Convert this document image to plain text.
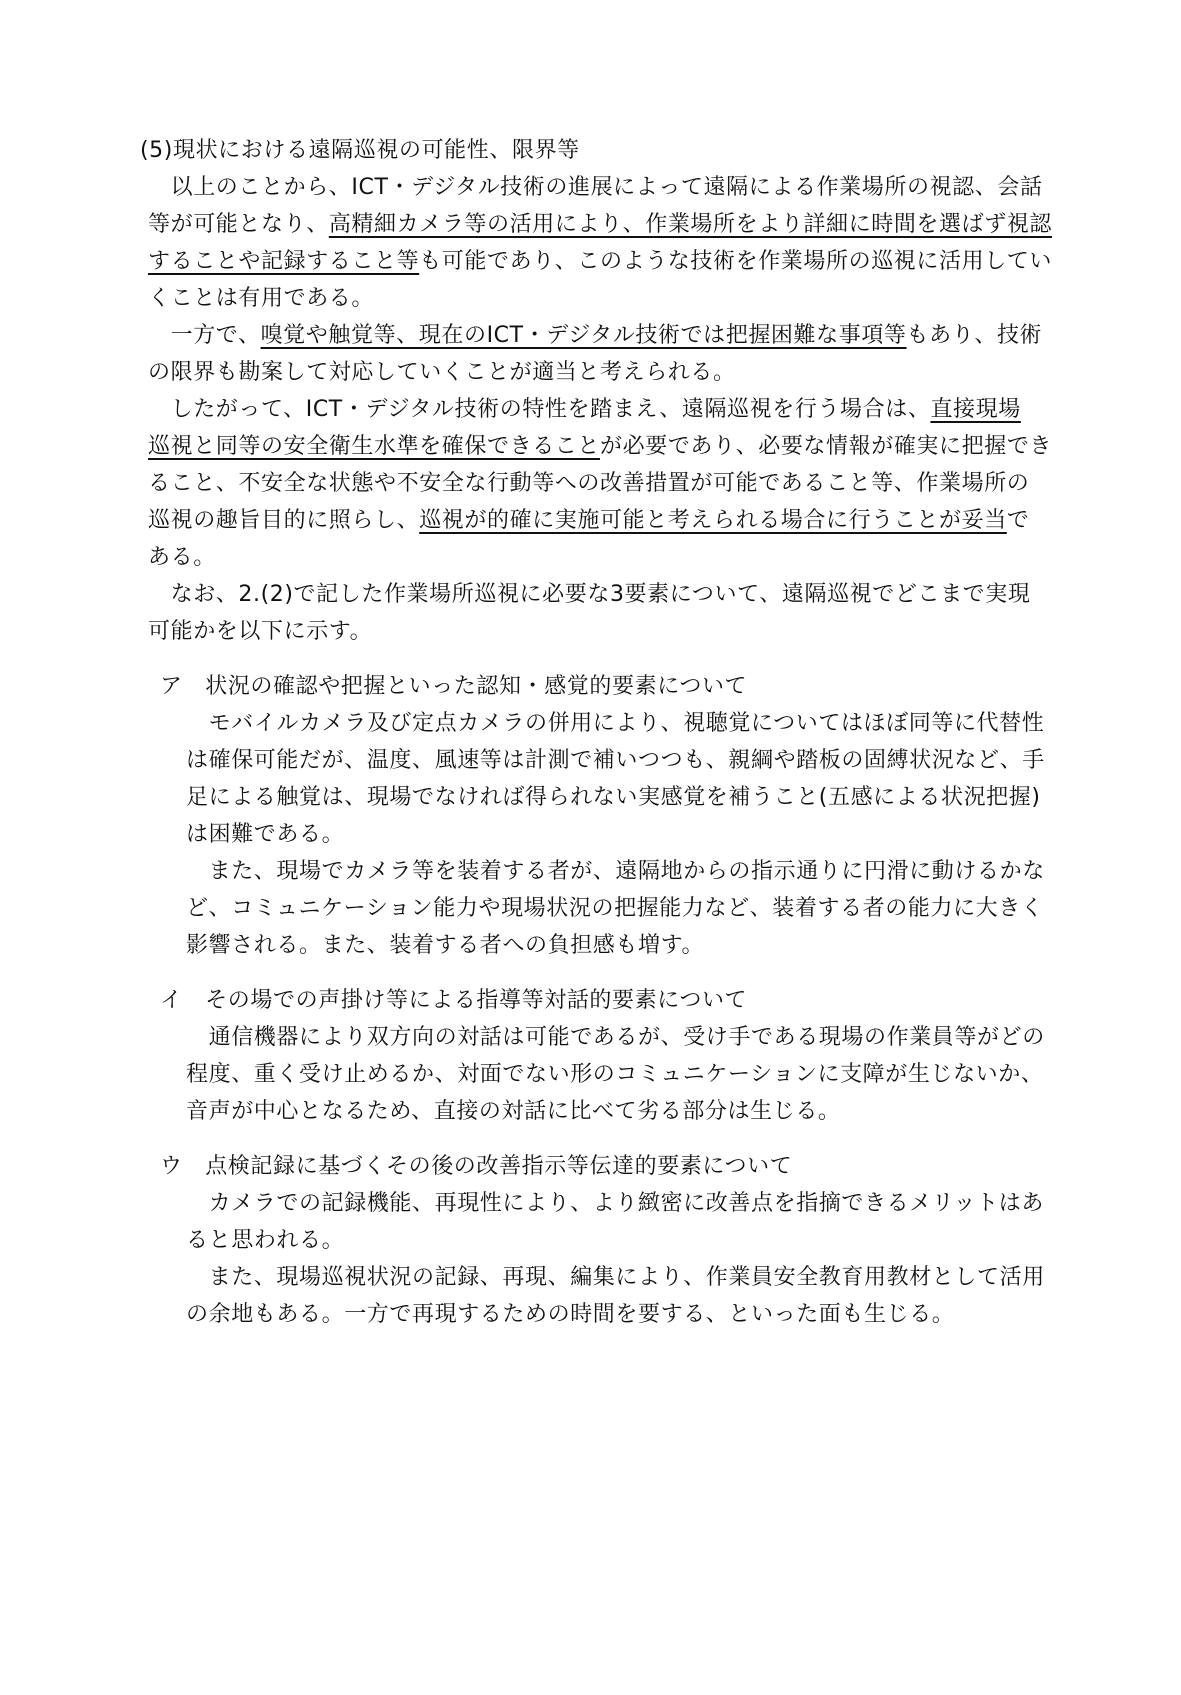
(5)現状における遠隔巡視の可能性、限界等
　以上のことから、ICT・デジタル技術の進展によって遠隔による作業場所の視認、会話
等が可能となり、高精細カメラ等の活用により、作業場所をより詳細に時間を選ばず視認
することや記録すること等も可能であり、このような技術を作業場所の巡視に活用してい
くことは有用である。
　一方で、嗅覚や触覚等、現在のICT・デジタル技術では把握困難な事項等もあり、技術
の限界も勘案して対応していくことが適当と考えられる。
　したがって、ICT・デジタル技術の特性を踏まえ、遠隔巡視を行う場合は、直接現場
巡視と同等の安全衛生水準を確保できることが必要であり、必要な情報が確実に把握でき
ること、不安全な状態や不安全な行動等への改善措置が可能であること等、作業場所の
巡視の趣旨目的に照らし、巡視が的確に実施可能と考えられる場合に行うことが妥当で
ある。
　なお、2.(2)で記した作業場所巡視に必要な3要素について、遠隔巡視でどこまで実現
可能かを以下に示す。
ア　状況の確認や把握といった認知・感覚的要素について
　モバイルカメラ及び定点カメラの併用により、視聴覚についてはほぼ同等に代替性
は確保可能だが、温度、風速等は計測で補いつつも、親綱や踏板の固縛状況など、手
足による触覚は、現場でなければ得られない実感覚を補うこと(五感による状況把握)
は困難である。
　また、現場でカメラ等を装着する者が、遠隔地からの指示通りに円滑に動けるかな
ど、コミュニケーション能力や現場状況の把握能力など、装着する者の能力に大きく
影響される。また、装着する者への負担感も増す。
イ　その場での声掛け等による指導等対話的要素について
　通信機器により双方向の対話は可能であるが、受け手である現場の作業員等がどの
程度、重く受け止めるか、対面でない形のコミュニケーションに支障が生じないか、
音声が中心となるため、直接の対話に比べて劣る部分は生じる。
ウ　点検記録に基づくその後の改善指示等伝達的要素について
　カメラでの記録機能、再現性により、より緻密に改善点を指摘できるメリットはあ
ると思われる。
　また、現場巡視状況の記録、再現、編集により、作業員安全教育用教材として活用
の余地もある。一方で再現するための時間を要する、といった面も生じる。
